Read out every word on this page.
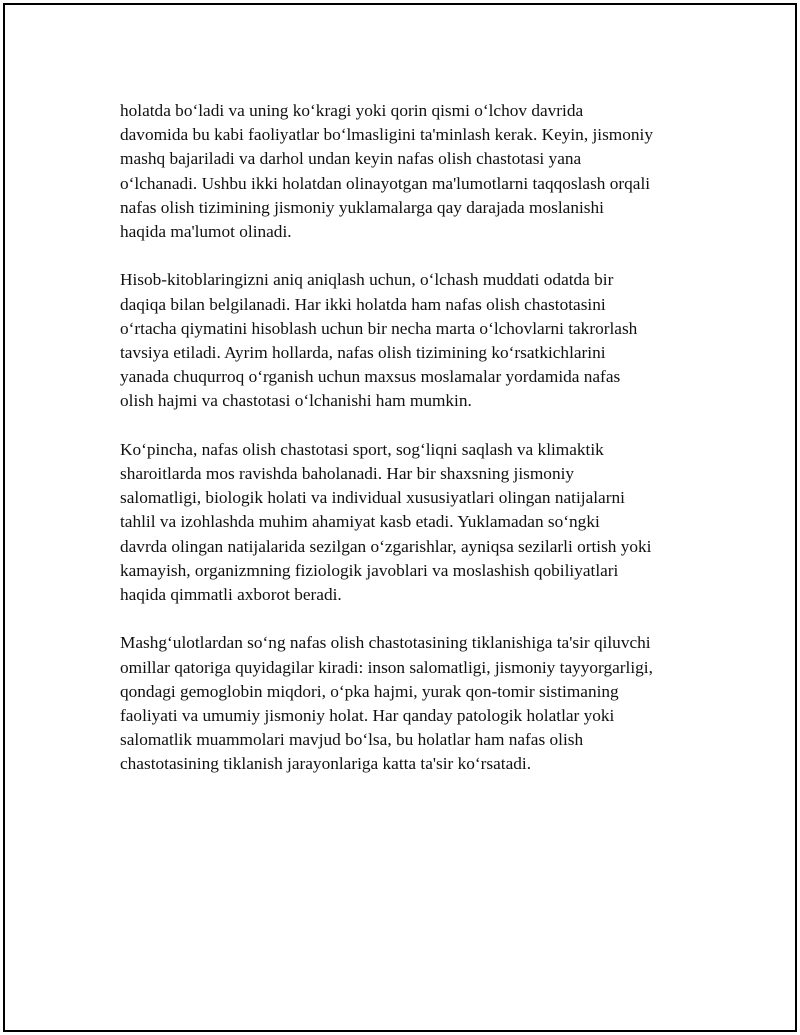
holatda bo‘ladi va uning ko‘kragi yoki qorin qismi o‘lchov davrida
davomida bu kabi faoliyatlar bo‘lmasligini ta'minlash kerak. Keyin, jismoniy
mashq bajariladi va darhol undan keyin nafas olish chastotasi yana
o‘lchanadi. Ushbu ikki holatdan olinayotgan ma'lumotlarni taqqoslash orqali
nafas olish tizimining jismoniy yuklamalarga qay darajada moslanishi
haqida ma'lumot olinadi.

Hisob-kitoblaringizni aniq aniqlash uchun, o‘lchash muddati odatda bir
daqiqa bilan belgilanadi. Har ikki holatda ham nafas olish chastotasini
o‘rtacha qiymatini hisoblash uchun bir necha marta o‘lchovlarni takrorlash
tavsiya etiladi. Ayrim hollarda, nafas olish tizimining ko‘rsatkichlarini
yanada chuqurroq o‘rganish uchun maxsus moslamalar yordamida nafas
olish hajmi va chastotasi o‘lchanishi ham mumkin.

Ko‘pincha, nafas olish chastotasi sport, sog‘liqni saqlash va klimaktik
sharoitlarda mos ravishda baholanadi. Har bir shaxsning jismoniy
salomatligi, biologik holati va individual xususiyatlari olingan natijalarni
tahlil va izohlashda muhim ahamiyat kasb etadi. Yuklamadan so‘ngki
davrda olingan natijalarida sezilgan o‘zgarishlar, ayniqsa sezilarli ortish yoki
kamayish, organizmning fiziologik javoblari va moslashish qobiliyatlari
haqida qimmatli axborot beradi.

Mashg‘ulotlardan so‘ng nafas olish chastotasining tiklanishiga ta'sir qiluvchi
omillar qatoriga quyidagilar kiradi: inson salomatligi, jismoniy tayyorgarligi,
qondagi gemoglobin miqdori, o‘pka hajmi, yurak qon-tomir sistimaning
faoliyati va umumiy jismoniy holat. Har qanday patologik holatlar yoki
salomatlik muammolari mavjud bo‘lsa, bu holatlar ham nafas olish
chastotasining tiklanish jarayonlariga katta ta'sir ko‘rsatadi.
